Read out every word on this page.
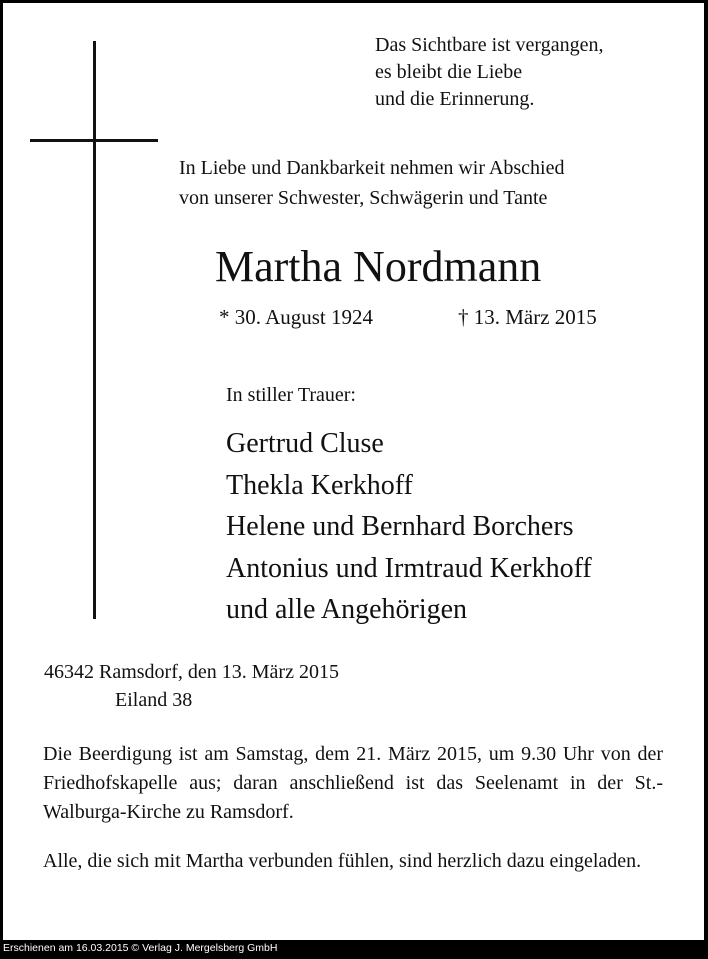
Das Sichtbare ist vergangen,
es bleibt die Liebe
und die Erinnerung.
In Liebe und Dankbarkeit nehmen wir Abschied
von unserer Schwester, Schwägerin und Tante
Martha Nordmann
* 30. August 1924	† 13. März 2015
In stiller Trauer:
Gertrud Cluse
Thekla Kerkhoff
Helene und Bernhard Borchers
Antonius und Irmtraud Kerkhoff
und alle Angehörigen
46342 Ramsdorf, den 13. März 2015
Eiland 38
Die Beerdigung ist am Samstag, dem 21. März 2015, um 9.30 Uhr von der Friedhofskapelle aus; daran anschließend ist das Seelenamt in der St.-Walburga-Kirche zu Ramsdorf.
Alle, die sich mit Martha verbunden fühlen, sind herzlich dazu eingeladen.
Erschienen am 16.03.2015 © Verlag J. Mergelsberg GmbH
